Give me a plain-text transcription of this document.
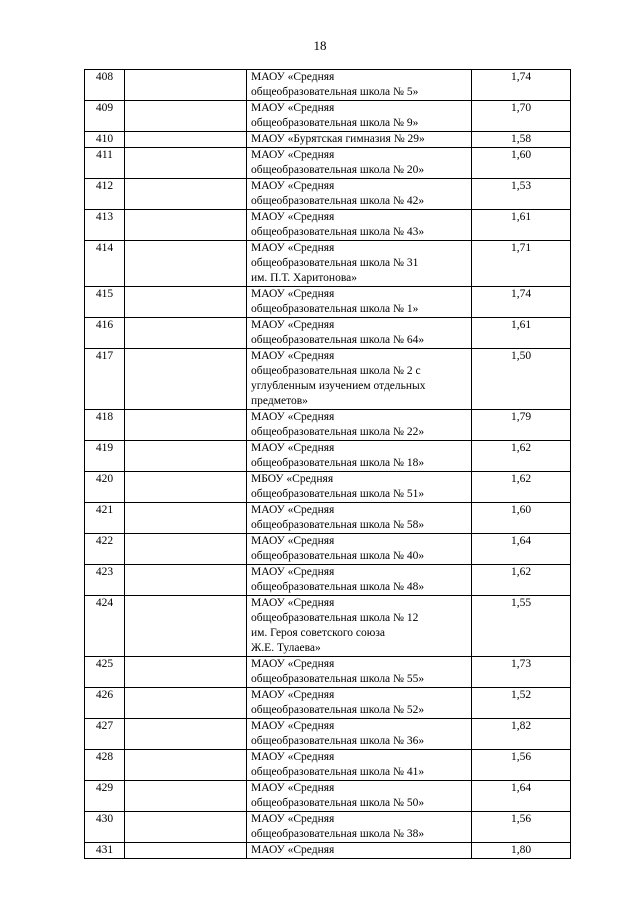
18
408		МАОУ «Средняя
общеобразовательная школа № 5»	1,74
409		МАОУ «Средняя
общеобразовательная школа № 9»	1,70
410		МАОУ «Бурятская гимназия № 29»	1,58
411		МАОУ «Средняя
общеобразовательная школа № 20»	1,60
412		МАОУ «Средняя
общеобразовательная школа № 42»	1,53
413		МАОУ «Средняя
общеобразовательная школа № 43»	1,61
414		МАОУ «Средняя
общеобразовательная школа № 31
им. П.Т. Харитонова»	1,71
415		МАОУ «Средняя
общеобразовательная школа № 1»	1,74
416		МАОУ «Средняя
общеобразовательная школа № 64»	1,61
417		МАОУ «Средняя
общеобразовательная школа № 2 с
углубленным изучением отдельных
предметов»	1,50
418		МАОУ «Средняя
общеобразовательная школа № 22»	1,79
419		МАОУ «Средняя
общеобразовательная школа № 18»	1,62
420		МБОУ «Средняя
общеобразовательная школа № 51»	1,62
421		МАОУ «Средняя
общеобразовательная школа № 58»	1,60
422		МАОУ «Средняя
общеобразовательная школа № 40»	1,64
423		МАОУ «Средняя
общеобразовательная школа № 48»	1,62
424		МАОУ «Средняя
общеобразовательная школа № 12
им. Героя советского союза
Ж.Е. Тулаева»	1,55
425		МАОУ «Средняя
общеобразовательная школа № 55»	1,73
426		МАОУ «Средняя
общеобразовательная школа № 52»	1,52
427		МАОУ «Средняя
общеобразовательная школа № 36»	1,82
428		МАОУ «Средняя
общеобразовательная школа № 41»	1,56
429		МАОУ «Средняя
общеобразовательная школа № 50»	1,64
430		МАОУ «Средняя
общеобразовательная школа № 38»	1,56
431		МАОУ «Средняя	1,80
